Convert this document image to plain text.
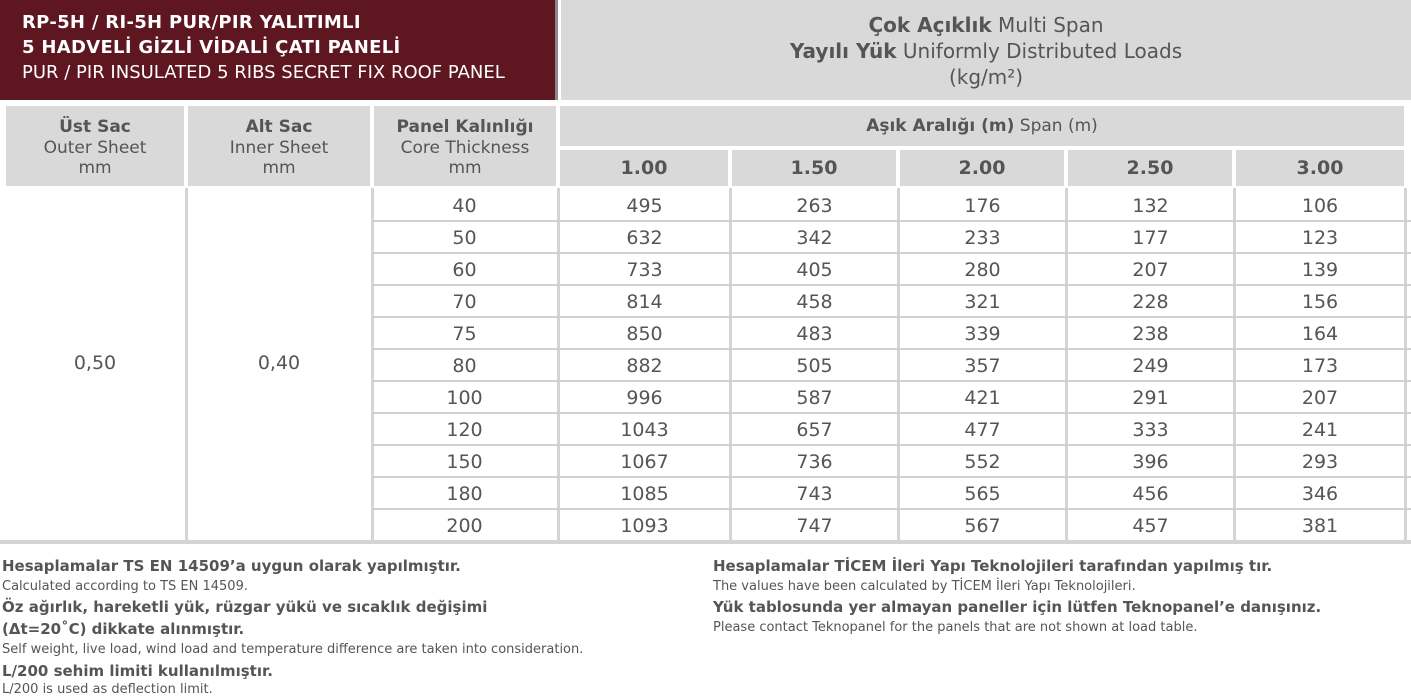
RP-5H / RI-5H PUR/PIR YALITIMLI
5 HADVELİ GİZLİ VİDALİ ÇATI PANELİ
PUR / PIR INSULATED 5 RIBS SECRET FIX ROOF PANEL
Çok Açıklık Multi Span
Yayılı Yük Uniformly Distributed Loads
(kg/m²)
Üst Sac
Outer Sheet
mm
Alt Sac
Inner Sheet
mm
Panel Kalınlığı
Core Thickness
mm
Aşık Aralığı (m) Span (m)
1.00	1.50	2.00	2.50	3.00
0,50	0,40
40	495	263	176	132	106
50	632	342	233	177	123
60	733	405	280	207	139
70	814	458	321	228	156
75	850	483	339	238	164
80	882	505	357	249	173
100	996	587	421	291	207
120	1043	657	477	333	241
150	1067	736	552	396	293
180	1085	743	565	456	346
200	1093	747	567	457	381
Hesaplamalar TS EN 14509’a uygun olarak yapılmıştır.
Calculated according to TS EN 14509.
Öz ağırlık, hareketli yük, rüzgar yükü ve sıcaklık değişimi
(Δt=20˚C) dikkate alınmıştır.
Self weight, live load, wind load and temperature difference are taken into consideration.
L/200 sehim limiti kullanılmıştır.
L/200 is used as deflection limit.
Hesaplamalar TİCEM İleri Yapı Teknolojileri tarafından yapılmış tır.
The values have been calculated by TİCEM İleri Yapı Teknolojileri.
Yük tablosunda yer almayan paneller için lütfen Teknopanel’e danışınız.
Please contact Teknopanel for the panels that are not shown at load table.
